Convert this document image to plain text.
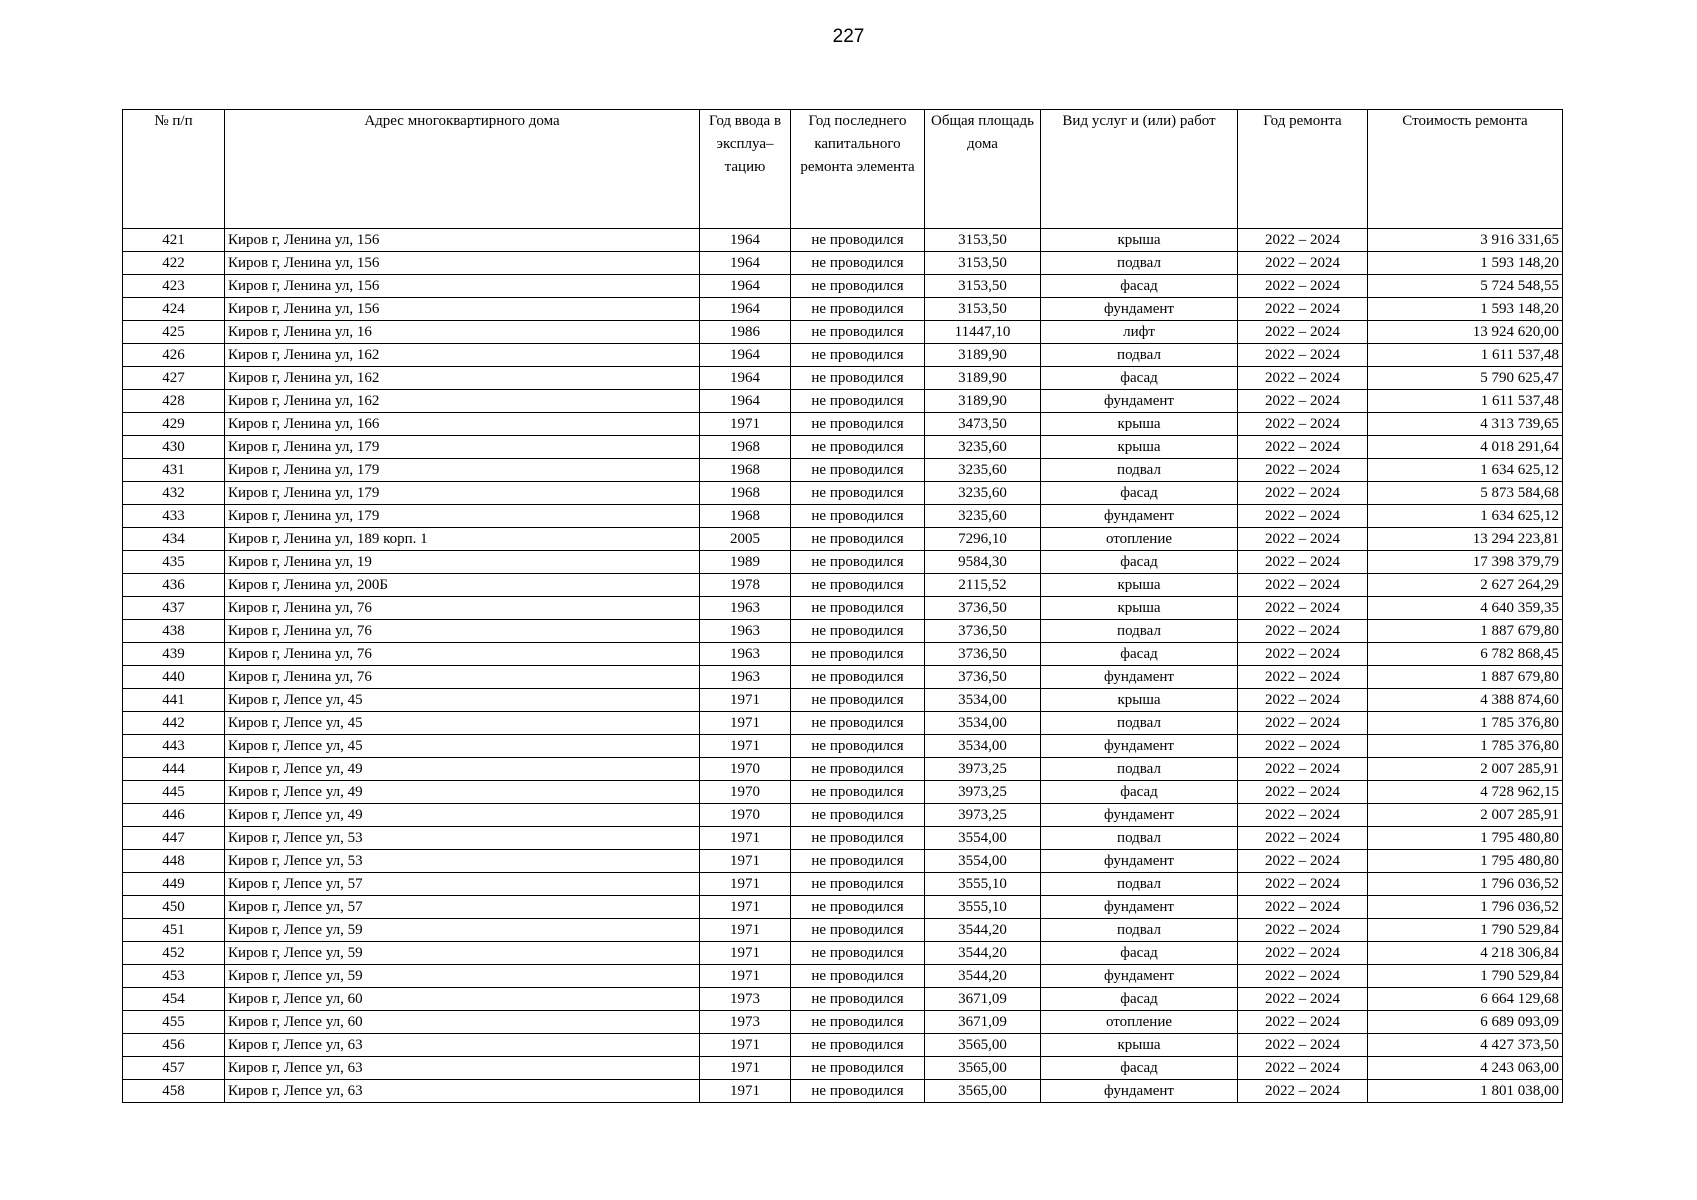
227
№ п/п	Адрес многоквартирного дома	Год ввода в эксплуа–тацию	Год последнего капитального ремонта элемента	Общая площадь дома	Вид услуг и (или) работ	Год ремонта	Стоимость ремонта
421	Киров г, Ленина ул, 156	1964	не проводился	3153,50	крыша	2022 – 2024	3 916 331,65
422	Киров г, Ленина ул, 156	1964	не проводился	3153,50	подвал	2022 – 2024	1 593 148,20
423	Киров г, Ленина ул, 156	1964	не проводился	3153,50	фасад	2022 – 2024	5 724 548,55
424	Киров г, Ленина ул, 156	1964	не проводился	3153,50	фундамент	2022 – 2024	1 593 148,20
425	Киров г, Ленина ул, 16	1986	не проводился	11447,10	лифт	2022 – 2024	13 924 620,00
426	Киров г, Ленина ул, 162	1964	не проводился	3189,90	подвал	2022 – 2024	1 611 537,48
427	Киров г, Ленина ул, 162	1964	не проводился	3189,90	фасад	2022 – 2024	5 790 625,47
428	Киров г, Ленина ул, 162	1964	не проводился	3189,90	фундамент	2022 – 2024	1 611 537,48
429	Киров г, Ленина ул, 166	1971	не проводился	3473,50	крыша	2022 – 2024	4 313 739,65
430	Киров г, Ленина ул, 179	1968	не проводился	3235,60	крыша	2022 – 2024	4 018 291,64
431	Киров г, Ленина ул, 179	1968	не проводился	3235,60	подвал	2022 – 2024	1 634 625,12
432	Киров г, Ленина ул, 179	1968	не проводился	3235,60	фасад	2022 – 2024	5 873 584,68
433	Киров г, Ленина ул, 179	1968	не проводился	3235,60	фундамент	2022 – 2024	1 634 625,12
434	Киров г, Ленина ул, 189 корп. 1	2005	не проводился	7296,10	отопление	2022 – 2024	13 294 223,81
435	Киров г, Ленина ул, 19	1989	не проводился	9584,30	фасад	2022 – 2024	17 398 379,79
436	Киров г, Ленина ул, 200Б	1978	не проводился	2115,52	крыша	2022 – 2024	2 627 264,29
437	Киров г, Ленина ул, 76	1963	не проводился	3736,50	крыша	2022 – 2024	4 640 359,35
438	Киров г, Ленина ул, 76	1963	не проводился	3736,50	подвал	2022 – 2024	1 887 679,80
439	Киров г, Ленина ул, 76	1963	не проводился	3736,50	фасад	2022 – 2024	6 782 868,45
440	Киров г, Ленина ул, 76	1963	не проводился	3736,50	фундамент	2022 – 2024	1 887 679,80
441	Киров г, Лепсе ул, 45	1971	не проводился	3534,00	крыша	2022 – 2024	4 388 874,60
442	Киров г, Лепсе ул, 45	1971	не проводился	3534,00	подвал	2022 – 2024	1 785 376,80
443	Киров г, Лепсе ул, 45	1971	не проводился	3534,00	фундамент	2022 – 2024	1 785 376,80
444	Киров г, Лепсе ул, 49	1970	не проводился	3973,25	подвал	2022 – 2024	2 007 285,91
445	Киров г, Лепсе ул, 49	1970	не проводился	3973,25	фасад	2022 – 2024	4 728 962,15
446	Киров г, Лепсе ул, 49	1970	не проводился	3973,25	фундамент	2022 – 2024	2 007 285,91
447	Киров г, Лепсе ул, 53	1971	не проводился	3554,00	подвал	2022 – 2024	1 795 480,80
448	Киров г, Лепсе ул, 53	1971	не проводился	3554,00	фундамент	2022 – 2024	1 795 480,80
449	Киров г, Лепсе ул, 57	1971	не проводился	3555,10	подвал	2022 – 2024	1 796 036,52
450	Киров г, Лепсе ул, 57	1971	не проводился	3555,10	фундамент	2022 – 2024	1 796 036,52
451	Киров г, Лепсе ул, 59	1971	не проводился	3544,20	подвал	2022 – 2024	1 790 529,84
452	Киров г, Лепсе ул, 59	1971	не проводился	3544,20	фасад	2022 – 2024	4 218 306,84
453	Киров г, Лепсе ул, 59	1971	не проводился	3544,20	фундамент	2022 – 2024	1 790 529,84
454	Киров г, Лепсе ул, 60	1973	не проводился	3671,09	фасад	2022 – 2024	6 664 129,68
455	Киров г, Лепсе ул, 60	1973	не проводился	3671,09	отопление	2022 – 2024	6 689 093,09
456	Киров г, Лепсе ул, 63	1971	не проводился	3565,00	крыша	2022 – 2024	4 427 373,50
457	Киров г, Лепсе ул, 63	1971	не проводился	3565,00	фасад	2022 – 2024	4 243 063,00
458	Киров г, Лепсе ул, 63	1971	не проводился	3565,00	фундамент	2022 – 2024	1 801 038,00
